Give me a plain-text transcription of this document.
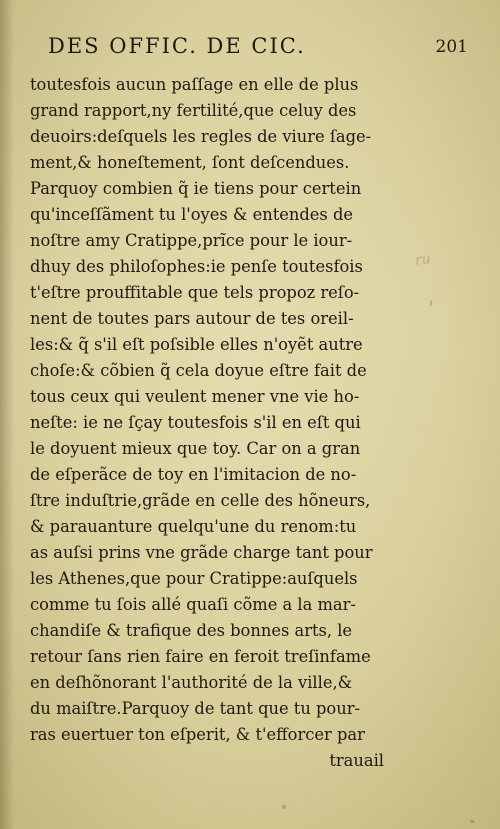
DES OFFIC. DE CIC.	201
ru
toutesfois aucun paſſage en elle de plus
grand rapport,ny fertilité,que celuy des
deuoirs:deſquels les regles de viure ſage-
ment,& honeſtement, ſont deſcendues.
Parquoy combien q̃ ie tiens pour certein
qu'inceſſãment tu l'oyes & entendes de
noſtre amy Cratippe,prĩce pour le iour-
dhuy des philoſophes:ie penſe toutesfois
t'eſtre prouffitable que tels propoz reſo-
nent de toutes pars autour de tes oreil-
les:& q̃ s'il eſt poſsible elles n'oyẽt autre
choſe:& cõbien q̃ cela doyue eſtre fait de
tous ceux qui veulent mener vne vie ho-
neſte: ie ne ſçay toutesfois s'il en eſt qui
le doyuent mieux que toy. Car on a gran
de eſperãce de toy en l'imitacion de no-
ſtre induſtrie,grãde en celle des hõneurs,
& parauanture quelqu'une du renom:tu
as auſsi prins vne grãde charge tant pour
les Athenes,que pour Cratippe:auſquels
comme tu ſois allé quaſi cõme a la mar-
chandiſe & trafique des bonnes arts, le
retour ſans rien faire en feroit treſinfame
en deſhõnorant l'authorité de la ville,&
du maiſtre.Parquoy de tant que tu pour-
ras euertuer ton eſperit, & t'efforcer par
trauail
